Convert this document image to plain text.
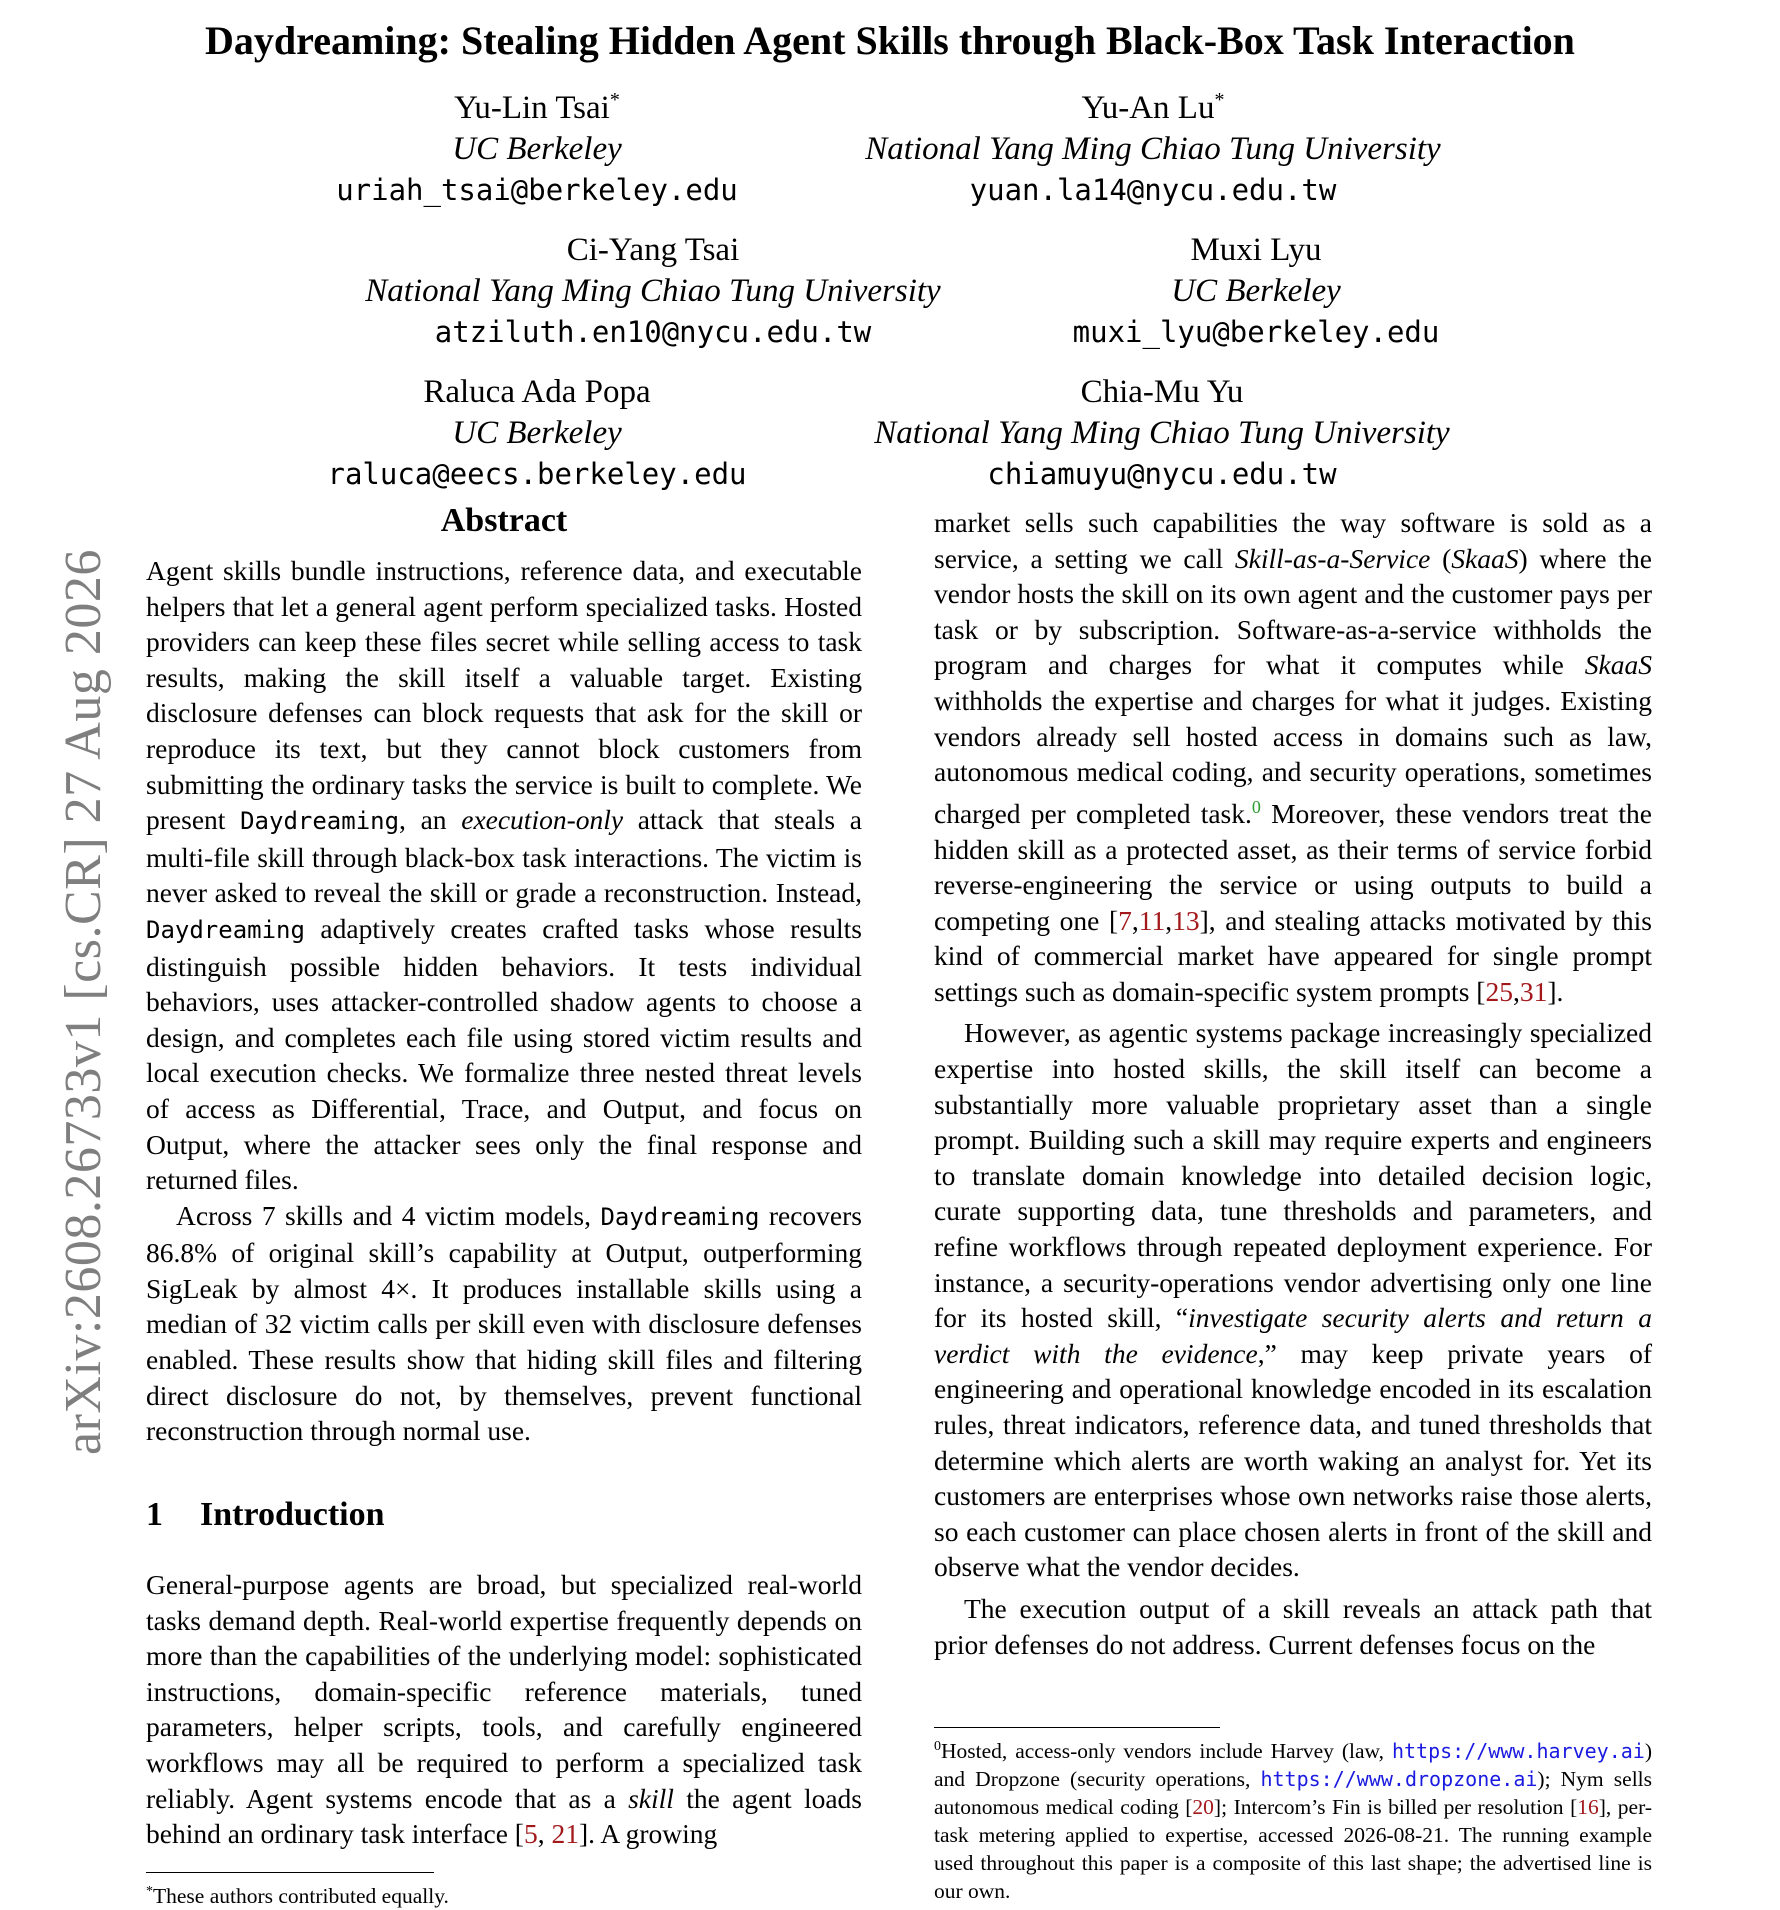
Daydreaming: Stealing Hidden Agent Skills through Black-Box Task Interaction
Yu-Lin Tsai*
UC Berkeley
uriah_tsai@berkeley.edu
Yu-An Lu*
National Yang Ming Chiao Tung University
yuan.la14@nycu.edu.tw
Ci-Yang Tsai
National Yang Ming Chiao Tung University
atziluth.en10@nycu.edu.tw
Muxi Lyu
UC Berkeley
muxi_lyu@berkeley.edu
Raluca Ada Popa
UC Berkeley
raluca@eecs.berkeley.edu
Chia-Mu Yu
National Yang Ming Chiao Tung University
chiamuyu@nycu.edu.tw
arXiv:2608.26733v1 [cs.CR] 27 Aug 2026
Abstract

Agent skills bundle instructions, reference data, and executable helpers that let a general agent perform specialized tasks. Hosted providers can keep these files secret while selling access to task results, making the skill itself a valuable target. Existing disclosure defenses can block requests that ask for the skill or reproduce its text, but they cannot block customers from submitting the ordinary tasks the service is built to complete. We present Daydreaming, an execution-only attack that steals a multi-file skill through black-box task interactions. The victim is never asked to reveal the skill or grade a reconstruction. Instead, Daydreaming adaptively creates crafted tasks whose results distinguish possible hidden behaviors. It tests individual behaviors, uses attacker-controlled shadow agents to choose a design, and completes each file using stored victim results and local execution checks. We formalize three nested threat levels of access as Differential, Trace, and Output, and focus on Output, where the attacker sees only the final response and returned files.

Across 7 skills and 4 victim models, Daydreaming recovers 86.8% of original skill’s capability at Output, outperforming SigLeak by almost 4×. It produces installable skills using a median of 32 victim calls per skill even with disclosure defenses enabled. These results show that hiding skill files and filtering direct disclosure do not, by themselves, prevent functional reconstruction through normal use.

1 Introduction

General-purpose agents are broad, but specialized real-world tasks demand depth. Real-world expertise frequently depends on more than the capabilities of the underlying model: sophisticated instructions, domain-specific reference materials, tuned parameters, helper scripts, tools, and carefully engineered workflows may all be required to perform a specialized task reliably. Agent systems encode that as a skill the agent loads behind an ordinary task interface [5, 21]. A growing

*These authors contributed equally.

market sells such capabilities the way software is sold as a service, a setting we call Skill-as-a-Service (SkaaS) where the vendor hosts the skill on its own agent and the customer pays per task or by subscription. Software-as-a-service withholds the program and charges for what it computes while SkaaS withholds the expertise and charges for what it judges. Existing vendors already sell hosted access in domains such as law, autonomous medical coding, and security operations, sometimes charged per completed task.$^0$ Moreover, these vendors treat the hidden skill as a protected asset, as their terms of service forbid reverse-engineering the service or using outputs to build a competing one [7,11,13], and stealing attacks motivated by this kind of commercial market have appeared for single prompt settings such as domain-specific system prompts [25,31].

However, as agentic systems package increasingly specialized expertise into hosted skills, the skill itself can become a substantially more valuable proprietary asset than a single prompt. Building such a skill may require experts and engineers to translate domain knowledge into detailed decision logic, curate supporting data, tune thresholds and parameters, and refine workflows through repeated deployment experience. For instance, a security-operations vendor advertising only one line for its hosted skill, “investigate security alerts and return a verdict with the evidence,” may keep private years of engineering and operational knowledge encoded in its escalation rules, threat indicators, reference data, and tuned thresholds that determine which alerts are worth waking an analyst for. Yet its customers are enterprises whose own networks raise those alerts, so each customer can place chosen alerts in front of the skill and observe what the vendor decides.

The execution output of a skill reveals an attack path that prior defenses do not address. Current defenses focus on the

$^0$Hosted, access-only vendors include Harvey (law, https://www.harvey.ai) and Dropzone (security operations, https://www.dropzone.ai); Nym sells autonomous medical coding [20]; Intercom’s Fin is billed per resolution [16], per-task metering applied to expertise, accessed 2026-08-21. The running example used throughout this paper is a composite of this last shape; the advertised line is our own.
